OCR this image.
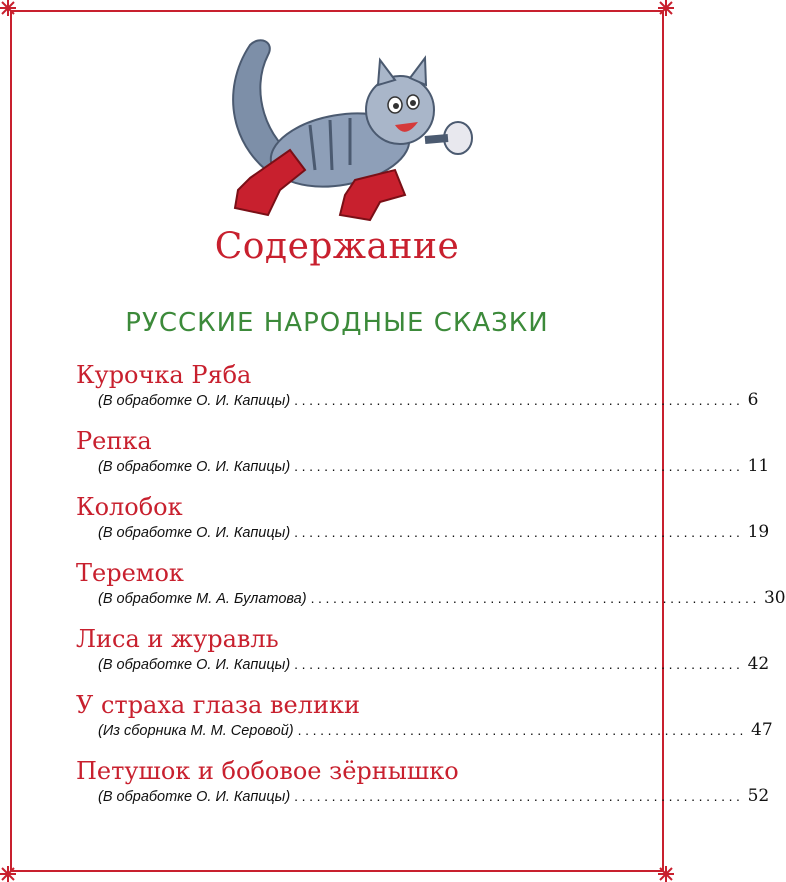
Содержание
РУССКИЕ НАРОДНЫЕ СКАЗКИ
Курочка Ряба
(В обработке О. И. Капицы) ............................................................ 6
Репка
(В обработке О. И. Капицы) ............................................................ 11
Колобок
(В обработке О. И. Капицы) ............................................................ 19
Теремок
(В обработке М. А. Булатова) ............................................................ 30
Лиса и журавль
(В обработке О. И. Капицы) ............................................................ 42
У страха глаза велики
(Из сборника М. М. Серовой) ............................................................ 47
Петушок и бобовое зёрнышко
(В обработке О. И. Капицы) ............................................................ 52
